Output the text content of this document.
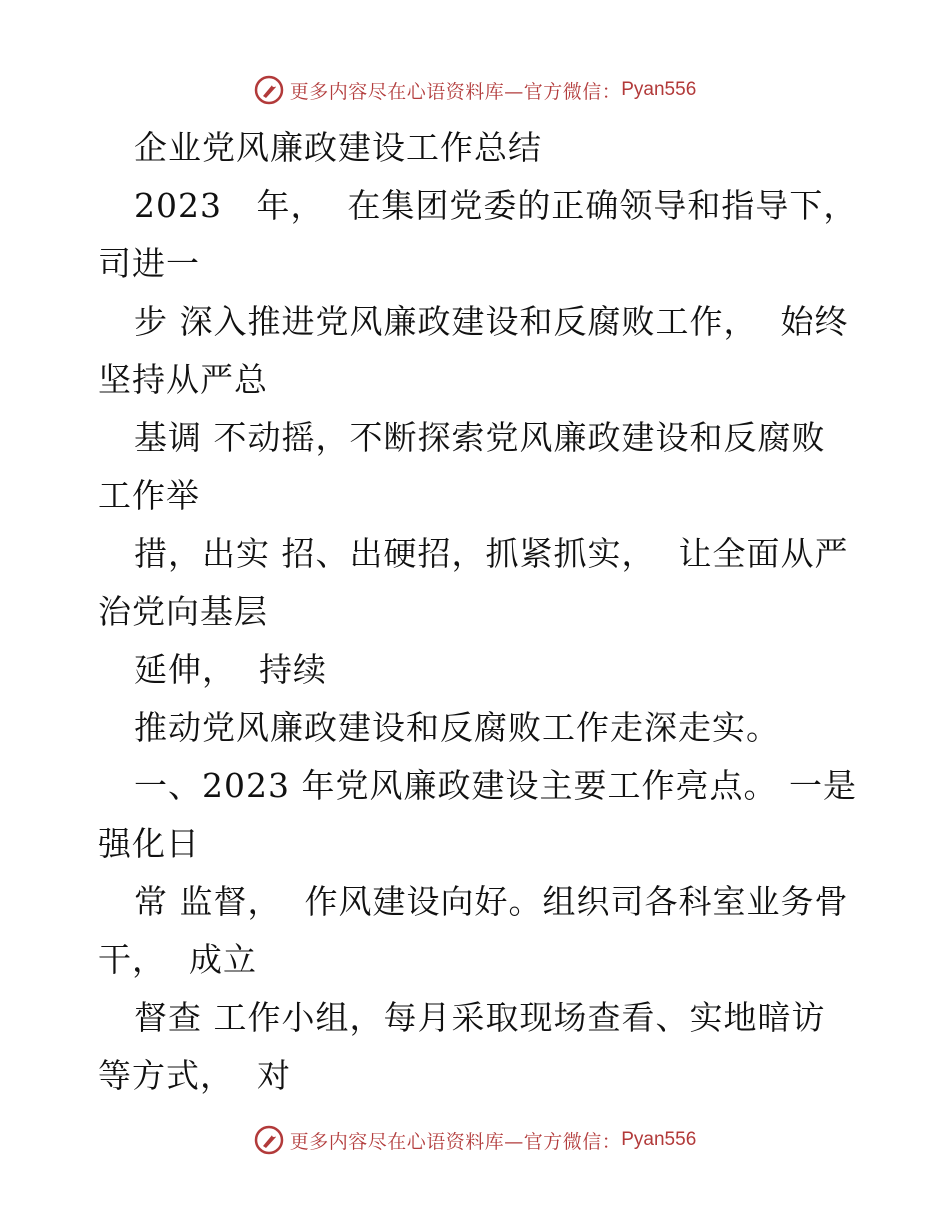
更多内容尽在心语资料库—官方微信： Pyan556
企业党风廉政建设工作总结
2023   年，  在集团党委的正确领导和指导下，
司进一
步 深入推进党风廉政建设和反腐败工作，  始终
坚持从严总
基调 不动摇，不断探索党风廉政建设和反腐败
工作举
措，出实 招、出硬招，抓紧抓实，  让全面从严
治党向基层
延伸，  持续
推动党风廉政建设和反腐败工作走深走实。
一、2023 年党风廉政建设主要工作亮点。 一是
强化日
常 监督，  作风建设向好。组织司各科室业务骨
干，  成立
督查 工作小组，每月采取现场查看、实地暗访
等方式，  对
更多内容尽在心语资料库—官方微信： Pyan556
